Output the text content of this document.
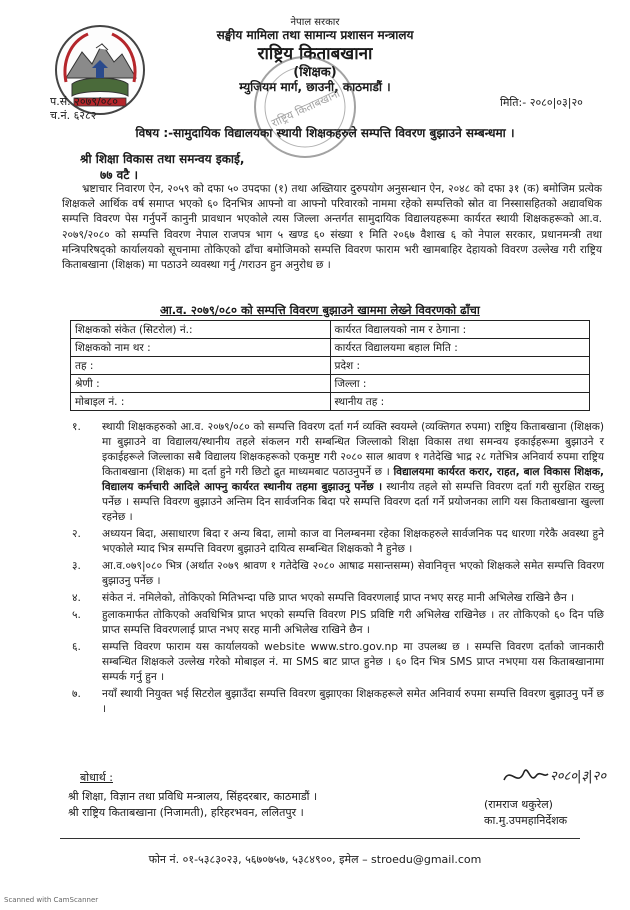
नेपाल सरकार
सङ्घीय मामिला तथा सामान्य प्रशासन मन्त्रालय
राष्ट्रिय किताबखाना
(शिक्षक)
म्युजियम मार्ग, छाउनी, काठमाडौं ।
राष्ट्रिय किताबखाना
प.सं. २०७९/०८०
च.नं. ६२८२
मिति:- २०८०|०३|२०
विषय :-सामुदायिक विद्यालयका स्थायी शिक्षकहरुले सम्पत्ति विवरण बुझाउने सम्बन्धमा ।
श्री शिक्षा विकास तथा समन्वय इकाई,
७७ वटै ।
भ्रष्टाचार निवारण ऐन, २०५९ को दफा ५० उपदफा (१) तथा अख्तियार दुरुपयोग अनुसन्धान ऐन, २०४८ को दफा ३१ (क) बमोजिम प्रत्येक शिक्षकले आर्थिक वर्ष समाप्त भएको ६० दिनभित्र आफ्नो वा आफ्नो परिवारको नाममा रहेको सम्पत्तिको स्रोत वा निस्सासहितको अद्यावधिक सम्पत्ति विवरण पेस गर्नुपर्ने कानुनी प्रावधान भएकोले त्यस जिल्ला अन्तर्गत सामुदायिक विद्यालयहरूमा कार्यरत स्थायी शिक्षकहरूको आ.व. २०७९/२०८० को सम्पत्ति विवरण नेपाल राजपत्र भाग ५ खण्ड ६० संख्या १ मिति २०६७ वैशाख ६ को नेपाल सरकार, प्रधानमन्त्री तथा मन्त्रिपरिषद्को कार्यालयको सूचनामा तोकिएको ढाँचा बमोजिमको सम्पत्ति विवरण फाराम भरी खामबाहिर देहायको विवरण उल्लेख गरी राष्ट्रिय किताबखाना (शिक्षक) मा पठाउने व्यवस्था गर्नु /गराउन हुन अनुरोध छ ।
आ.व. २०७९/०८० को सम्पत्ति विवरण बुझाउने खाममा लेख्ने विवरणको ढाँचा
शिक्षकको संकेत (सिटरोल) नं.:	कार्यरत विद्यालयको नाम र ठेगाना :
शिक्षकको नाम थर :	कार्यरत विद्यालयमा बहाल मिति :
तह :	प्रदेश :
श्रेणी :	जिल्ला :
मोबाइल नं. :	स्थानीय तह :
१. स्थायी शिक्षकहरुको आ.व. २०७९/०८० को सम्पत्ति विवरण दर्ता गर्न व्यक्ति स्वयम्ले (व्यक्तिगत रुपमा) राष्ट्रिय किताबखाना (शिक्षक) मा बुझाउने वा विद्यालय/स्थानीय तहले संकलन गरी सम्बन्धित जिल्लाको शिक्षा विकास तथा समन्वय इकाईहरूमा बुझाउने र इकाईहरूले जिल्लाका सबै विद्यालय शिक्षकहरूको एकमुष्ट गरी २०८० साल श्रावण १ गतेदेखि भाद्र २८ गतेभित्र अनिवार्य रुपमा राष्ट्रिय किताबखाना (शिक्षक) मा दर्ता हुने गरी छिटो द्रुत माध्यमबाट पठाउनुपर्ने छ । विद्यालयमा कार्यरत करार, राहत, बाल विकास शिक्षक, विद्यालय कर्मचारी आदिले आफ्नु कार्यरत स्थानीय तहमा बुझाउनु पर्नेछ । स्थानीय तहले सो सम्पत्ति विवरण दर्ता गरी सुरक्षित राख्नु पर्नेछ । सम्पत्ति विवरण बुझाउने अन्तिम दिन सार्वजनिक बिदा परे सम्पत्ति विवरण दर्ता गर्ने प्रयोजनका लागि यस किताबखाना खुल्ला रहनेछ ।
२. अध्ययन बिदा, असाधारण बिदा र अन्य बिदा, लामो काज वा निलम्बनमा रहेका शिक्षकहरुले सार्वजनिक पद धारणा गरेकै अवस्था हुने भएकोले म्याद भित्र सम्पत्ति विवरण बुझाउने दायित्व सम्बन्धित शिक्षकको नै हुनेछ ।
३. आ.व.०७९|०८० भित्र (अर्थात २०७९ श्रावण १ गतेदेखि २०८० आषाढ मसान्तसम्म) सेवानिवृत्त भएको शिक्षकले समेत सम्पत्ति विवरण बुझाउनु पर्नेछ ।
४. संकेत नं. नमिलेको, तोकिएको मितिभन्दा पछि प्राप्त भएको सम्पत्ति विवरणलाई प्राप्त नभए सरह मानी अभिलेख राखिने छैन ।
५. हुलाकमार्फत तोकिएको अवधिभित्र प्राप्त भएको सम्पत्ति विवरण PIS प्रविष्टि गरी अभिलेख राखिनेछ । तर तोकिएको ६० दिन पछि प्राप्त सम्पत्ति विवरणलाई प्राप्त नभए सरह मानी अभिलेख राखिने छैन ।
६. सम्पत्ति विवरण फाराम यस कार्यालयको website www.stro.gov.np मा उपलब्ध छ । सम्पत्ति विवरण दर्ताको जानकारी सम्बन्धित शिक्षकले उल्लेख गरेको मोबाइल नं. मा SMS बाट प्राप्त हुनेछ । ६० दिन भित्र SMS प्राप्त नभएमा यस किताबखानामा सम्पर्क गर्नु हुन ।
७. नयाँ स्थायी नियुक्त भई सिटरोल बुझाउँदा सम्पत्ति विवरण बुझाएका शिक्षकहरूले समेत अनिवार्य रुपमा सम्पत्ति विवरण बुझाउनु पर्ने छ ।
बोधार्थ :
श्री शिक्षा, विज्ञान तथा प्रविधि मन्त्रालय, सिंहदरबार, काठमाडौं ।
श्री राष्ट्रिय किताबखाना (निजामती), हरिहरभवन, ललितपुर ।
२०८०|३|२०
(रामराज थकुरेल)
का.मु.उपमहानिर्देशक
फोन नं. ०१-५३८३०२३, ५६७०७५७, ५३८४९००, इमेल – stroedu@gmail.com
Scanned with CamScanner
